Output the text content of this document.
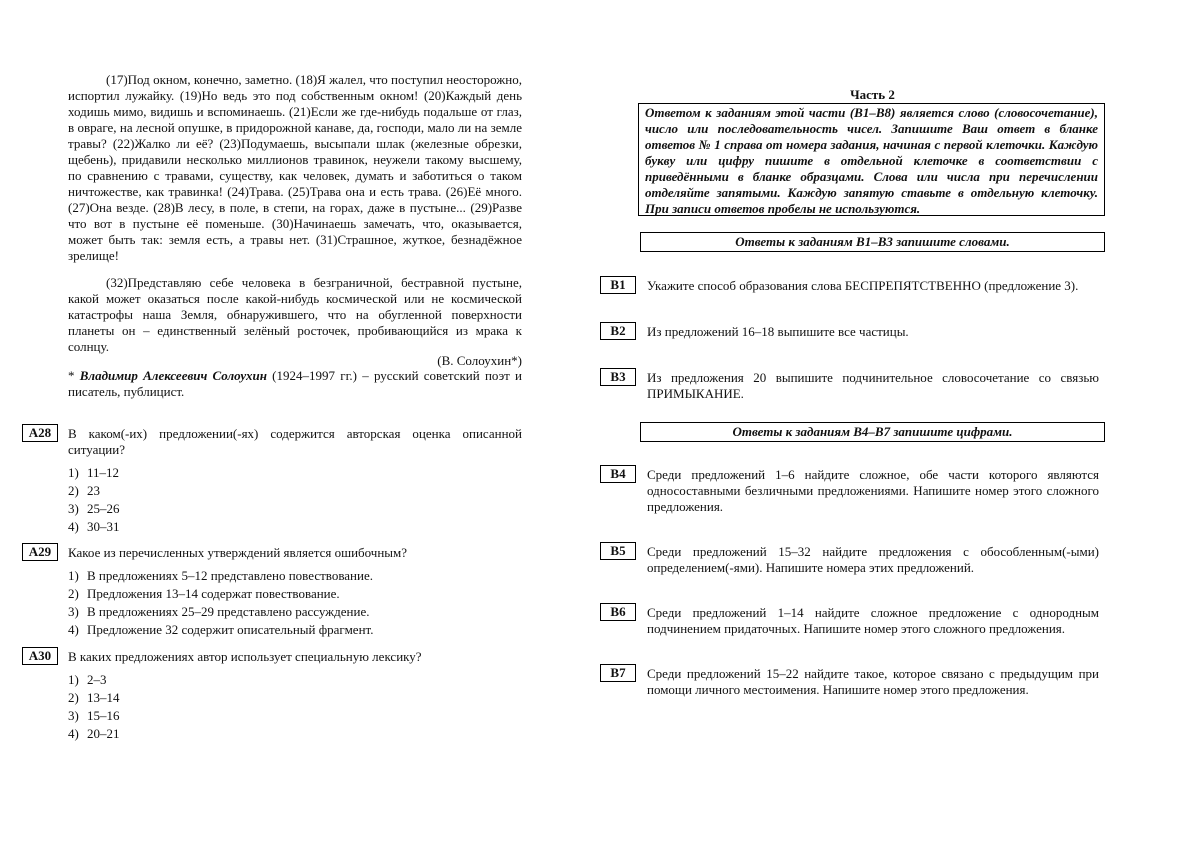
(17)Под окном, конечно, заметно. (18)Я жалел, что поступил неосторожно, испортил лужайку. (19)Но ведь это под собственным окном! (20)Каждый день ходишь мимо, видишь и вспоминаешь. (21)Если же где-нибудь подальше от глаз, в овраге, на лесной опушке, в придорожной канаве, да, господи, мало ли на земле травы? (22)Жалко ли её? (23)Подумаешь, высыпали шлак (железные обрезки, щебень), придавили несколько миллионов травинок, неужели такому высшему, по сравнению с травами, существу, как человек, думать и заботиться о таком ничтожестве, как травинка! (24)Трава. (25)Трава она и есть трава. (26)Её много. (27)Она везде. (28)В лесу, в поле, в степи, на горах, даже в пустыне... (29)Разве что вот в пустыне её поменьше. (30)Начинаешь замечать, что, оказывается, может быть так: земля есть, а травы нет. (31)Страшное, жуткое, безнадёжное зрелище!

(32)Представляю себе человека в безграничной, бестравной пустыне, какой может оказаться после какой-нибудь космической или не космической катастрофы наша Земля, обнаружившего, что на обугленной поверхности планеты он – единственный зелёный росточек, пробивающийся из мрака к солнцу.

(В. Солоухин*)

* Владимир Алексеевич Солоухин (1924–1997 гг.) – русский советский поэт и писатель, публицист.

A28	В каком(-их) предложении(-ях) содержится авторская оценка описанной ситуации?
1) 11–12
2) 23
3) 25–26
4) 30–31
A29	Какое из перечисленных утверждений является ошибочным?
1) В предложениях 5–12 представлено повествование.
2) Предложения 13–14 содержат повествование.
3) В предложениях 25–29 представлено рассуждение.
4) Предложение 32 содержит описательный фрагмент.
A30	В каких предложениях автор использует специальную лексику?
1) 2–3
2) 13–14
3) 15–16
4) 20–21
Часть 2
Ответом к заданиям этой части (В1–В8) является слово (словосочетание), число или последовательность чисел. Запишите Ваш ответ в бланке ответов № 1 справа от номера задания, начиная с первой клеточки. Каждую букву или цифру пишите в отдельной клеточке в соответствии с приведёнными в бланке образцами. Слова или числа при перечислении отделяйте запятыми. Каждую запятую ставьте в отдельную клеточку. При записи ответов пробелы не используются.
Ответы к заданиям В1–В3 запишите словами.
B1	Укажите способ образования слова БЕСПРЕПЯТСТВЕННО (предложение 3).
B2	Из предложений 16–18 выпишите все частицы.
B3	Из предложения 20 выпишите подчинительное словосочетание со связью ПРИМЫКАНИЕ.
Ответы к заданиям В4–В7 запишите цифрами.
B4	Среди предложений 1–6 найдите сложное, обе части которого являются односоставными безличными предложениями. Напишите номер этого сложного предложения.
B5	Среди предложений 15–32 найдите предложения с обособленным(-ыми) определением(-ями). Напишите номера этих предложений.
B6	Среди предложений 1–14 найдите сложное предложение с однородным подчинением придаточных. Напишите номер этого сложного предложения.
B7	Среди предложений 15–22 найдите такое, которое связано с предыдущим при помощи личного местоимения. Напишите номер этого предложения.
